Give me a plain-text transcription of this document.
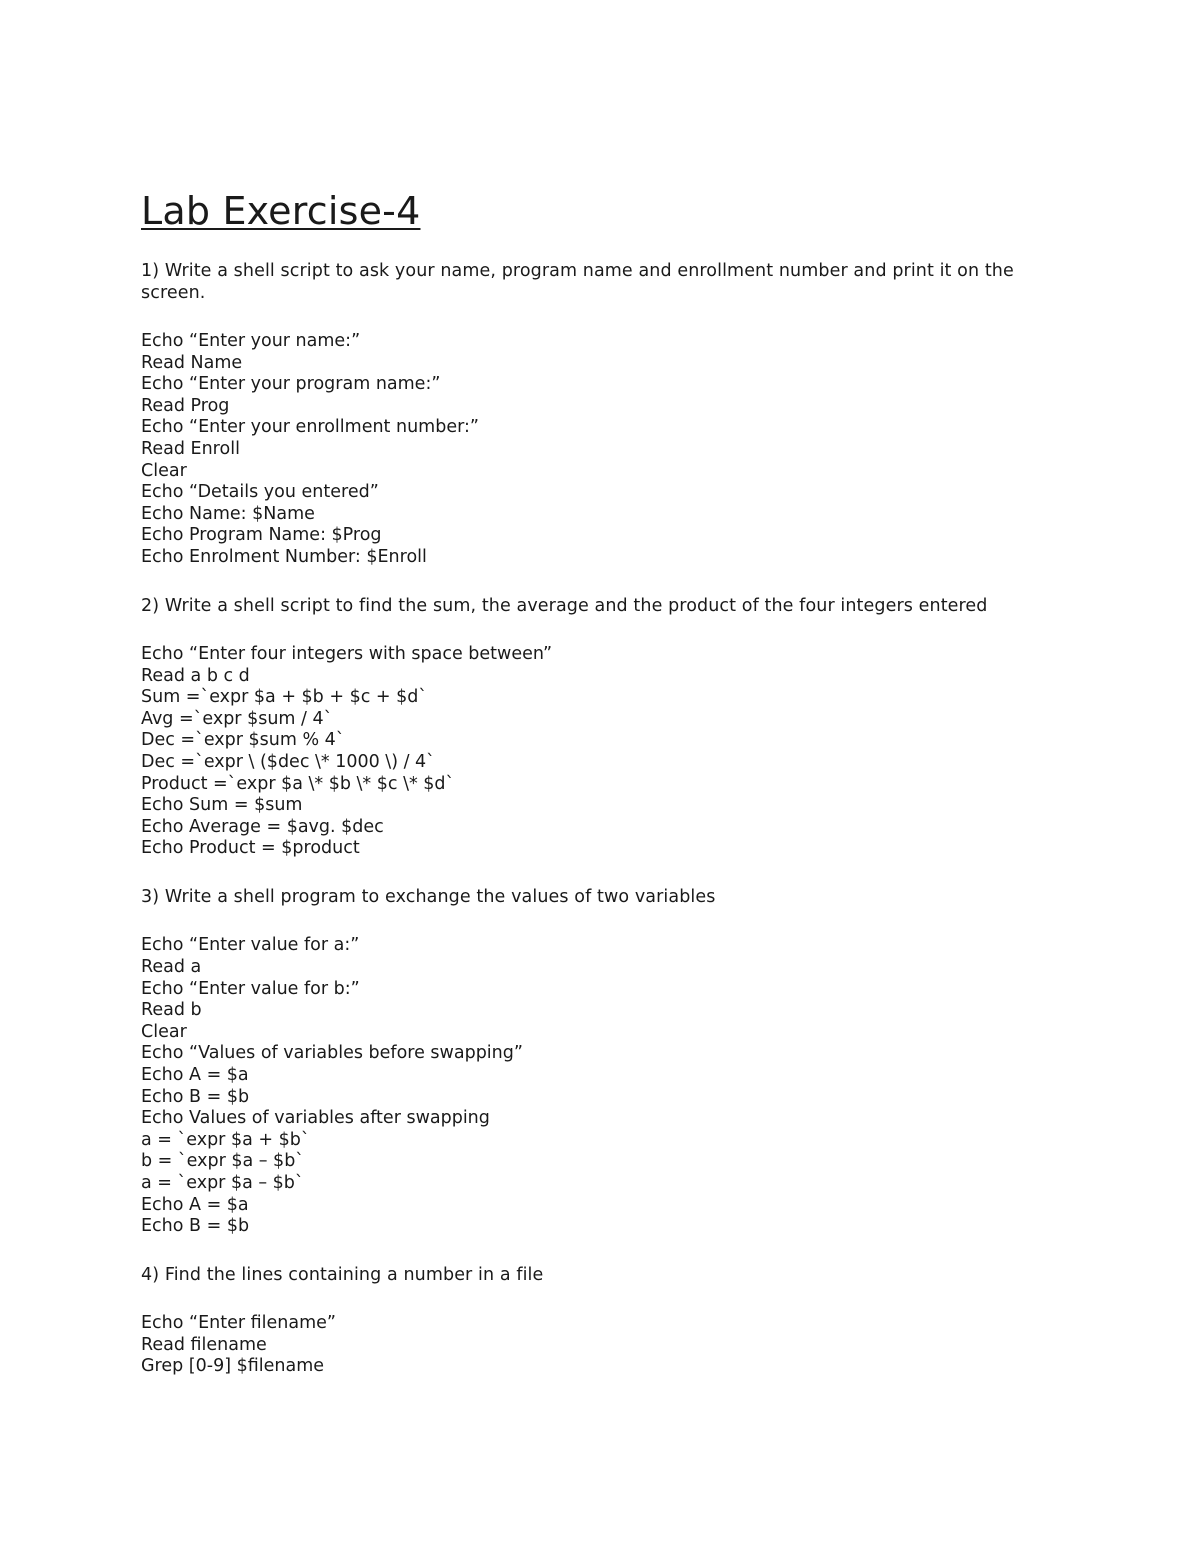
Lab Exercise-4

1) Write a shell script to ask your name, program name and enrollment number and print it on the screen.

Echo “Enter your name:”
Read Name
Echo “Enter your program name:”
Read Prog
Echo “Enter your enrollment number:”
Read Enroll
Clear
Echo “Details you entered”
Echo Name: $Name
Echo Program Name: $Prog
Echo Enrolment Number: $Enroll

2) Write a shell script to find the sum, the average and the product of the four integers entered

Echo “Enter four integers with space between”
Read a b c d
Sum =`expr $a + $b + $c + $d`
Avg =`expr $sum / 4`
Dec =`expr $sum % 4`
Dec =`expr \ ($dec \* 1000 \) / 4`
Product =`expr $a \* $b \* $c \* $d`
Echo Sum = $sum
Echo Average = $avg. $dec
Echo Product = $product

3) Write a shell program to exchange the values of two variables

Echo “Enter value for a:”
Read a
Echo “Enter value for b:”
Read b
Clear
Echo “Values of variables before swapping”
Echo A = $a
Echo B = $b
Echo Values of variables after swapping
a = `expr $a + $b`
b = `expr $a – $b`
a = `expr $a – $b`
Echo A = $a
Echo B = $b

4) Find the lines containing a number in a file

Echo “Enter filename”
Read filename
Grep [0-9] $filename
